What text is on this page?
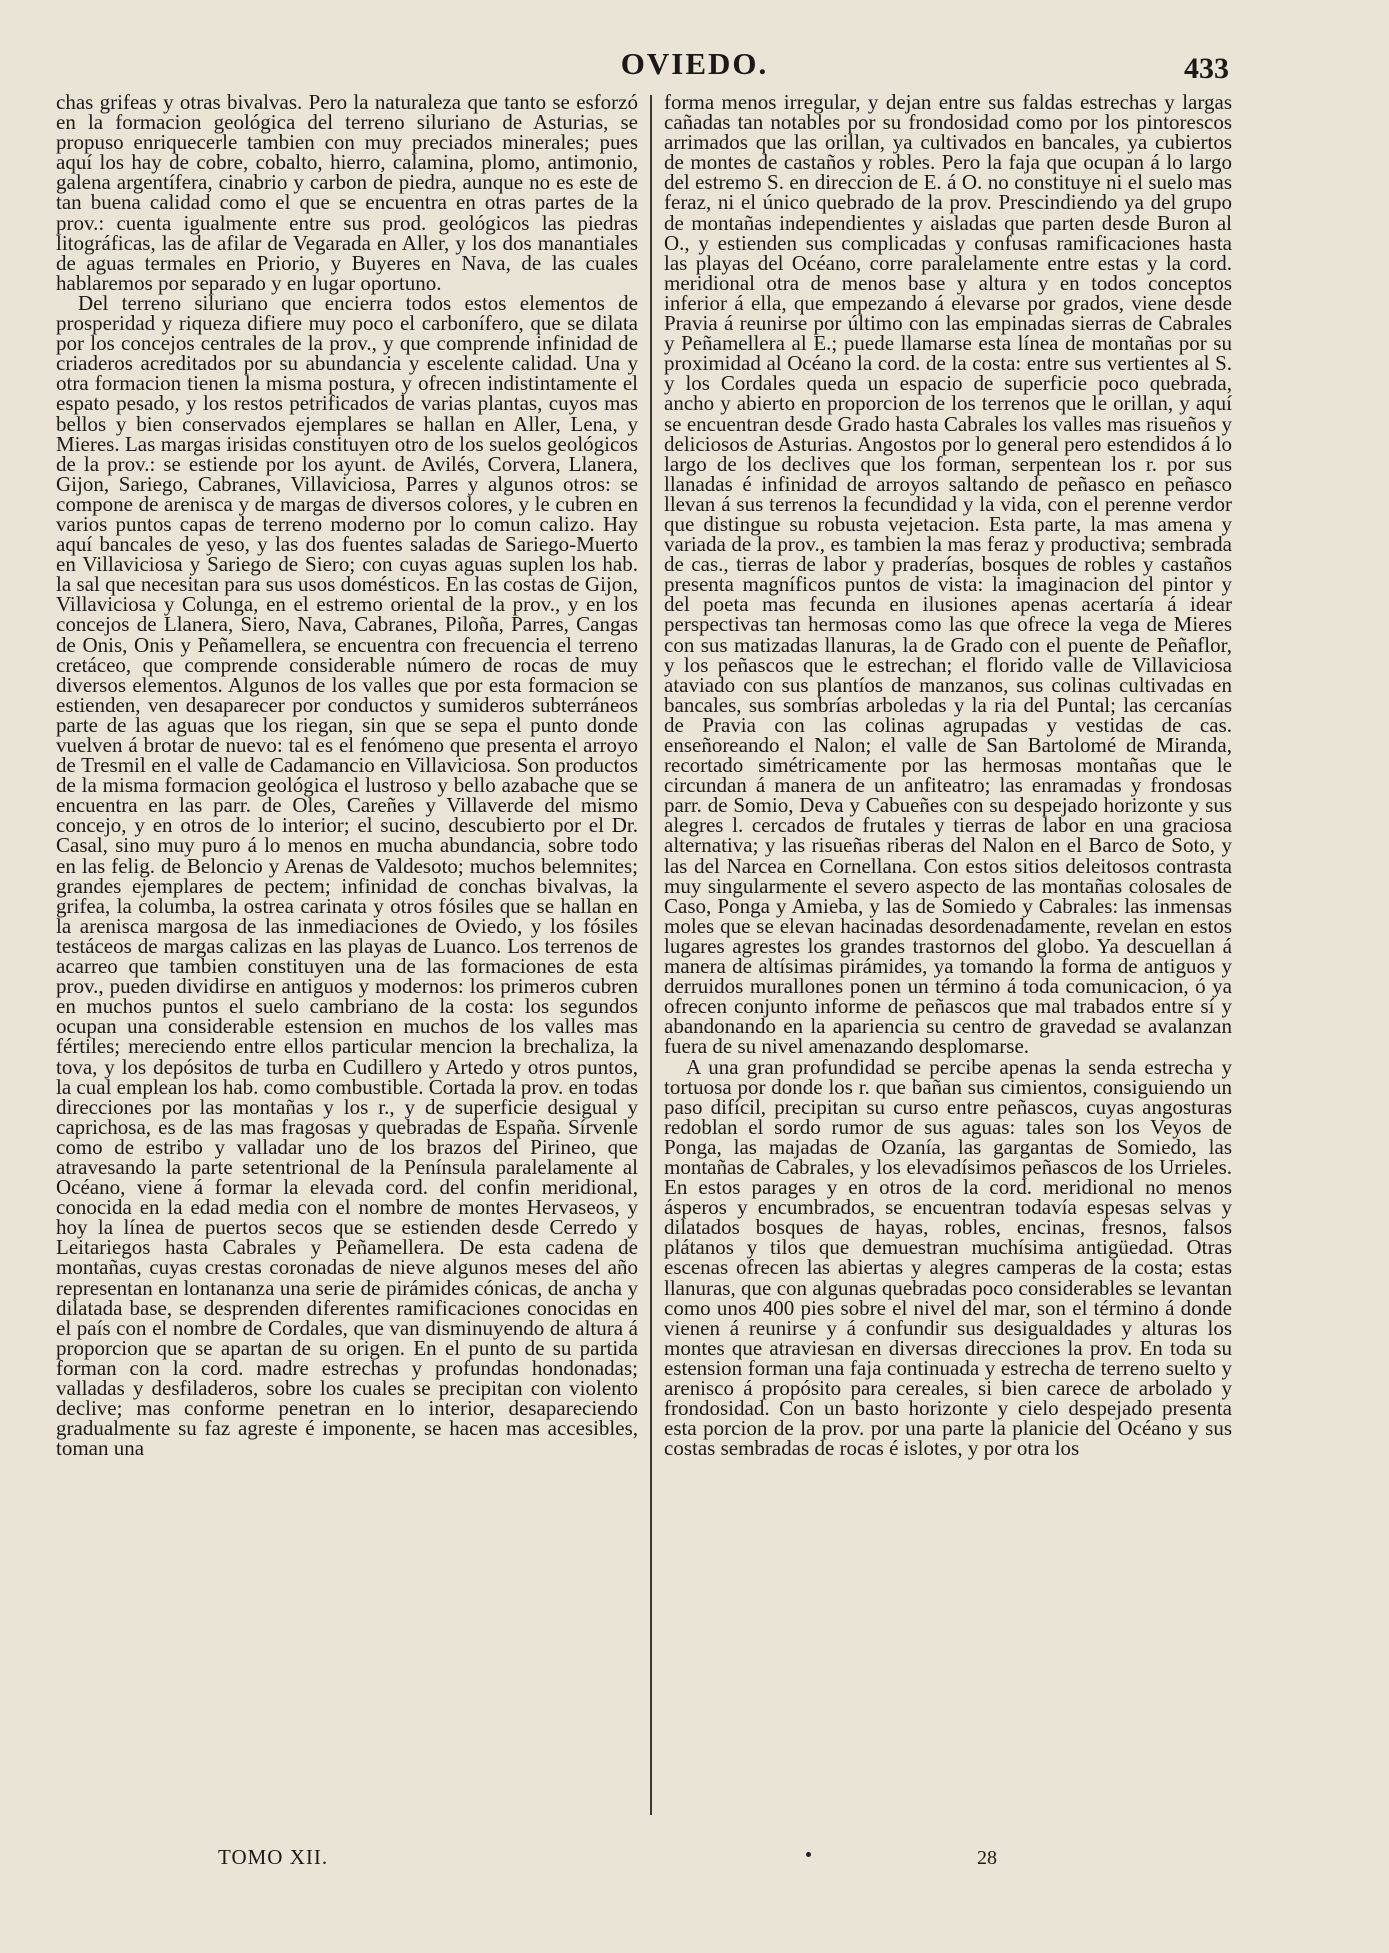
OVIEDO.	433

chas grifeas y otras bivalvas. Pero la naturaleza que tanto se esforzó en la formacion geológica del terreno siluriano de Asturias, se propuso enriquecerle tambien con muy preciados minerales; pues aquí los hay de cobre, cobalto, hierro, calamina, plomo, antimonio, galena argentífera, cinabrio y carbon de piedra, aunque no es este de tan buena calidad como el que se encuentra en otras partes de la prov.: cuenta igualmente entre sus prod. geológicos las piedras litográficas, las de afilar de Vegarada en Aller, y los dos manantiales de aguas termales en Priorio, y Buyeres en Nava, de las cuales hablaremos por separado y en lugar oportuno.

Del terreno siluriano que encierra todos estos elementos de prosperidad y riqueza difiere muy poco el carbonífero, que se dilata por los concejos centrales de la prov., y que comprende infinidad de criaderos acreditados por su abundancia y escelente calidad. Una y otra formacion tienen la misma postura, y ofrecen indistintamente el espato pesado, y los restos petrificados de varias plantas, cuyos mas bellos y bien conservados ejemplares se hallan en Aller, Lena, y Mieres. Las margas irisidas constituyen otro de los suelos geológicos de la prov.: se estiende por los ayunt. de Avilés, Corvera, Llanera, Gijon, Sariego, Cabranes, Villaviciosa, Parres y algunos otros: se compone de arenisca y de margas de diversos colores, y le cubren en varios puntos capas de terreno moderno por lo comun calizo. Hay aquí bancales de yeso, y las dos fuentes saladas de Sariego-Muerto en Villaviciosa y Sariego de Siero; con cuyas aguas suplen los hab. la sal que necesitan para sus usos domésticos. En las costas de Gijon, Villaviciosa y Colunga, en el estremo oriental de la prov., y en los concejos de Llanera, Siero, Nava, Cabranes, Piloña, Parres, Cangas de Onis, Onis y Peñamellera, se encuentra con frecuencia el terreno cretáceo, que comprende considerable número de rocas de muy diversos elementos. Algunos de los valles que por esta formacion se estienden, ven desaparecer por conductos y sumideros subterráneos parte de las aguas que los riegan, sin que se sepa el punto donde vuelven á brotar de nuevo: tal es el fenómeno que presenta el arroyo de Tresmil en el valle de Cadamancio en Villaviciosa. Son productos de la misma formacion geológica el lustroso y bello azabache que se encuentra en las parr. de Oles, Careñes y Villaverde del mismo concejo, y en otros de lo interior; el sucino, descubierto por el Dr. Casal, sino muy puro á lo menos en mucha abundancia, sobre todo en las felig. de Beloncio y Arenas de Valdesoto; muchos belemnites; grandes ejemplares de pectem; infinidad de conchas bivalvas, la grifea, la columba, la ostrea carinata y otros fósiles que se hallan en la arenisca margosa de las inmediaciones de Oviedo, y los fósiles testáceos de margas calizas en las playas de Luanco. Los terrenos de acarreo que tambien constituyen una de las formaciones de esta prov., pueden dividirse en antiguos y modernos: los primeros cubren en muchos puntos el suelo cambriano de la costa: los segundos ocupan una considerable estension en muchos de los valles mas fértiles; mereciendo entre ellos particular mencion la brechaliza, la tova, y los depósitos de turba en Cudillero y Artedo y otros puntos, la cual emplean los hab. como combustible. Cortada la prov. en todas direcciones por las montañas y los r., y de superficie desigual y caprichosa, es de las mas fragosas y quebradas de España. Sírvenle como de estribo y valladar uno de los brazos del Pirineo, que atravesando la parte setentrional de la Península paralelamente al Océano, viene á formar la elevada cord. del confin meridional, conocida en la edad media con el nombre de montes Hervaseos, y hoy la línea de puertos secos que se estienden desde Cerredo y Leitariegos hasta Cabrales y Peñamellera. De esta cadena de montañas, cuyas crestas coronadas de nieve algunos meses del año representan en lontananza una serie de pirámides cónicas, de ancha y dilatada base, se desprenden diferentes ramificaciones conocidas en el país con el nombre de Cordales, que van disminuyendo de altura á proporcion que se apartan de su origen. En el punto de su partida forman con la cord. madre estrechas y profundas hondonadas; valladas y desfiladeros, sobre los cuales se precipitan con violento declive; mas conforme penetran en lo interior, desapareciendo gradualmente su faz agreste é imponente, se hacen mas accesibles, toman una

forma menos irregular, y dejan entre sus faldas estrechas y largas cañadas tan notables por su frondosidad como por los pintorescos arrimados que las orillan, ya cultivados en bancales, ya cubiertos de montes de castaños y robles. Pero la faja que ocupan á lo largo del estremo S. en direccion de E. á O. no constituye ni el suelo mas feraz, ni el único quebrado de la prov. Prescindiendo ya del grupo de montañas independientes y aisladas que parten desde Buron al O., y estienden sus complicadas y confusas ramificaciones hasta las playas del Océano, corre paralelamente entre estas y la cord. meridional otra de menos base y altura y en todos conceptos inferior á ella, que empezando á elevarse por grados, viene desde Pravia á reunirse por último con las empinadas sierras de Cabrales y Peñamellera al E.; puede llamarse esta línea de montañas por su proximidad al Océano la cord. de la costa: entre sus vertientes al S. y los Cordales queda un espacio de superficie poco quebrada, ancho y abierto en proporcion de los terrenos que le orillan, y aquí se encuentran desde Grado hasta Cabrales los valles mas risueños y deliciosos de Asturias. Angostos por lo general pero estendidos á lo largo de los declives que los forman, serpentean los r. por sus llanadas é infinidad de arroyos saltando de peñasco en peñasco llevan á sus terrenos la fecundidad y la vida, con el perenne verdor que distingue su robusta vejetacion. Esta parte, la mas amena y variada de la prov., es tambien la mas feraz y productiva; sembrada de cas., tierras de labor y praderías, bosques de robles y castaños presenta magníficos puntos de vista: la imaginacion del pintor y del poeta mas fecunda en ilusiones apenas acertaría á idear perspectivas tan hermosas como las que ofrece la vega de Mieres con sus matizadas llanuras, la de Grado con el puente de Peñaflor, y los peñascos que le estrechan; el florido valle de Villaviciosa ataviado con sus plantíos de manzanos, sus colinas cultivadas en bancales, sus sombrías arboledas y la ria del Puntal; las cercanías de Pravia con las colinas agrupadas y vestidas de cas. enseñoreando el Nalon; el valle de San Bartolomé de Miranda, recortado simétricamente por las hermosas montañas que le circundan á manera de un anfiteatro; las enramadas y frondosas parr. de Somio, Deva y Cabueñes con su despejado horizonte y sus alegres l. cercados de frutales y tierras de labor en una graciosa alternativa; y las risueñas riberas del Nalon en el Barco de Soto, y las del Narcea en Cornellana. Con estos sitios deleitosos contrasta muy singularmente el severo aspecto de las montañas colosales de Caso, Ponga y Amieba, y las de Somiedo y Cabrales: las inmensas moles que se elevan hacinadas desordenadamente, revelan en estos lugares agrestes los grandes trastornos del globo. Ya descuellan á manera de altísimas pirámides, ya tomando la forma de antiguos y derruidos murallones ponen un término á toda comunicacion, ó ya ofrecen conjunto informe de peñascos que mal trabados entre sí y abandonando en la apariencia su centro de gravedad se avalanzan fuera de su nivel amenazando desplomarse.

A una gran profundidad se percibe apenas la senda estrecha y tortuosa por donde los r. que bañan sus cimientos, consiguiendo un paso difícil, precipitan su curso entre peñascos, cuyas angosturas redoblan el sordo rumor de sus aguas: tales son los Veyos de Ponga, las majadas de Ozanía, las gargantas de Somiedo, las montañas de Cabrales, y los elevadísimos peñascos de los Urrieles. En estos parages y en otros de la cord. meridional no menos ásperos y encumbrados, se encuentran todavía espesas selvas y dilatados bosques de hayas, robles, encinas, fresnos, falsos plátanos y tilos que demuestran muchísima antigüedad. Otras escenas ofrecen las abiertas y alegres camperas de la costa; estas llanuras, que con algunas quebradas poco considerables se levantan como unos 400 pies sobre el nivel del mar, son el término á donde vienen á reunirse y á confundir sus desigualdades y alturas los montes que atraviesan en diversas direcciones la prov. En toda su estension forman una faja continuada y estrecha de terreno suelto y arenisco á propósito para cereales, si bien carece de arbolado y frondosidad. Con un basto horizonte y cielo despejado presenta esta porcion de la prov. por una parte la planicie del Océano y sus costas sembradas de rocas é islotes, y por otra los

TOMO XII.	28
